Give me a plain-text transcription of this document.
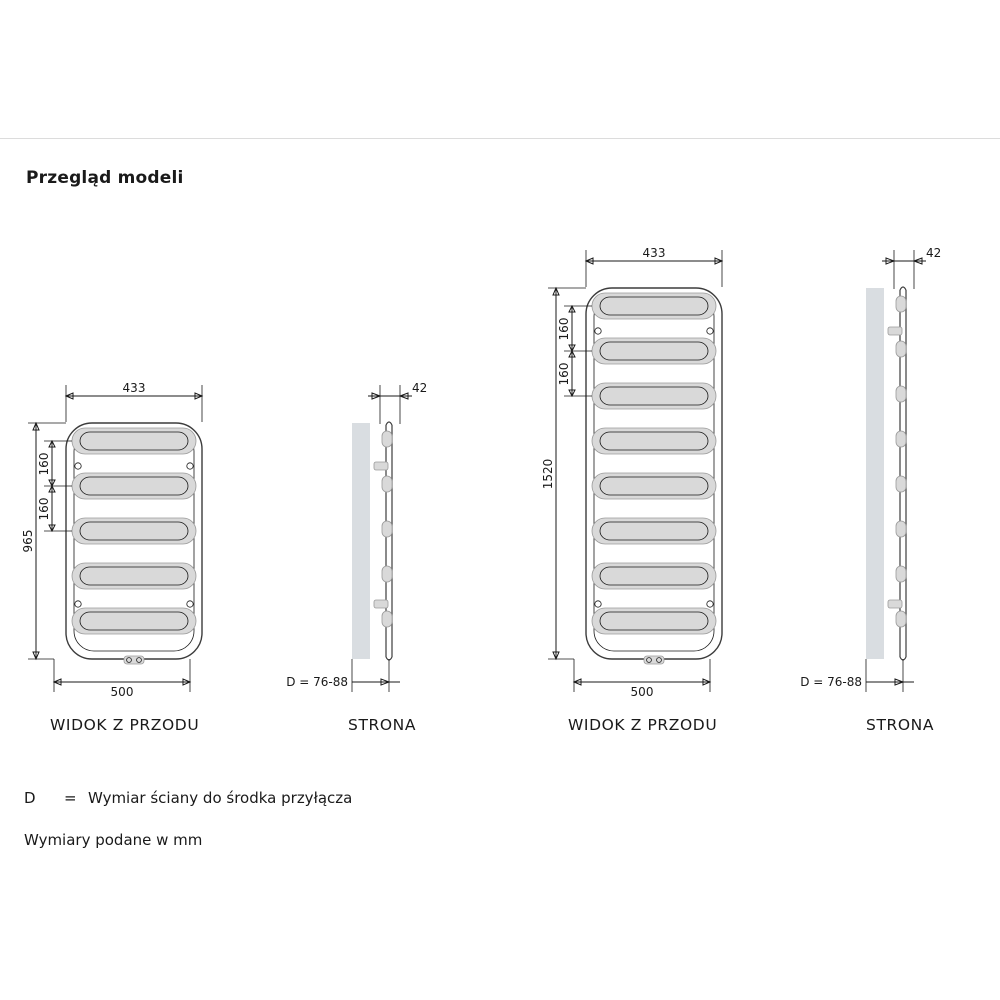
Przegląd modeli
433
500
965
160
160
42
D = 76-88
433
500
1520
160
160
42
D = 76-88
WIDOK Z PRZODU	STRONA	WIDOK Z PRZODU	STRONA
D = Wymiar ściany do środka przyłącza
Wymiary podane w mm
